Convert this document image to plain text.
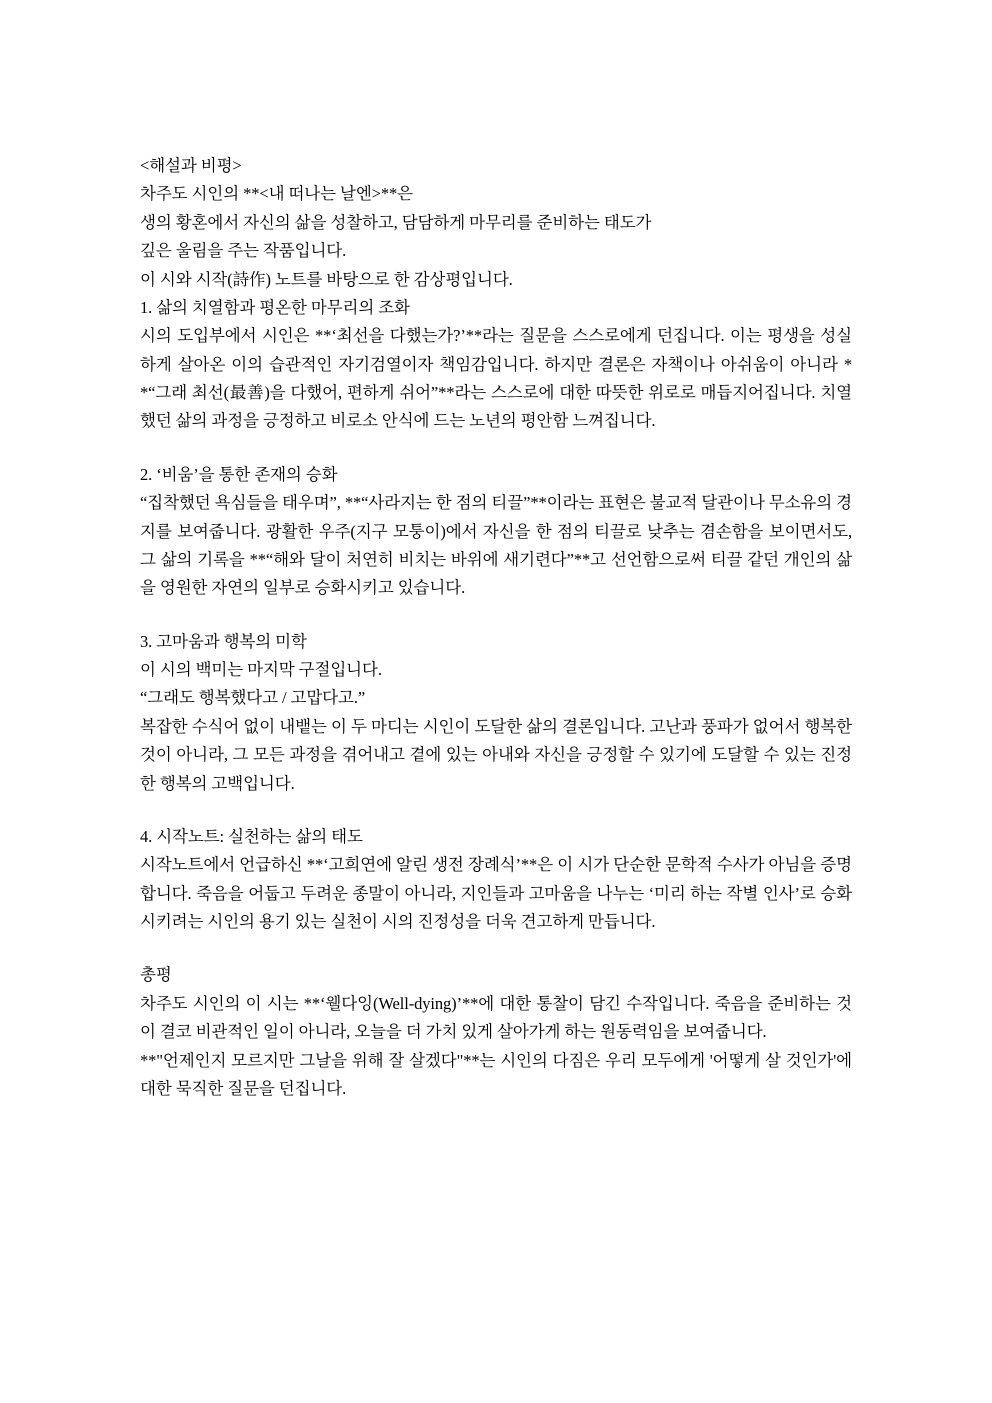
<해설과 비평>

차주도 시인의 **<내 떠나는 날엔>**은

생의 황혼에서 자신의 삶을 성찰하고, 담담하게 마무리를 준비하는 태도가

깊은 울림을 주는 작품입니다.

이 시와 시작(詩作) 노트를 바탕으로 한 감상평입니다.

1. 삶의 치열함과 평온한 마무리의 조화

시의 도입부에서 시인은 **‘최선을 다했는가?’**라는 질문을 스스로에게 던집니다. 이는 평생을 성실하게 살아온 이의 습관적인 자기검열이자 책임감입니다. 하지만 결론은 자책이나 아쉬움이 아니라 **“그래 최선(最善)을 다했어, 편하게 쉬어”**라는 스스로에 대한 따뜻한 위로로 매듭지어집니다. 치열했던 삶의 과정을 긍정하고 비로소 안식에 드는 노년의 평안함 느껴집니다.

2. ‘비움’을 통한 존재의 승화

“집착했던 욕심들을 태우며”, **“사라지는 한 점의 티끌”**이라는 표현은 불교적 달관이나 무소유의 경지를 보여줍니다. 광활한 우주(지구 모퉁이)에서 자신을 한 점의 티끌로 낮추는 겸손함을 보이면서도, 그 삶의 기록을 **“해와 달이 처연히 비치는 바위에 새기련다”**고 선언함으로써 티끌 같던 개인의 삶을 영원한 자연의 일부로 승화시키고 있습니다.

3. 고마움과 행복의 미학

이 시의 백미는 마지막 구절입니다.

“그래도 행복했다고 / 고맙다고.”

복잡한 수식어 없이 내뱉는 이 두 마디는 시인이 도달한 삶의 결론입니다. 고난과 풍파가 없어서 행복한 것이 아니라, 그 모든 과정을 겪어내고 곁에 있는 아내와 자신을 긍정할 수 있기에 도달할 수 있는 진정한 행복의 고백입니다.

4. 시작노트: 실천하는 삶의 태도

시작노트에서 언급하신 **‘고희연에 알린 생전 장례식’**은 이 시가 단순한 문학적 수사가 아님을 증명합니다. 죽음을 어둡고 두려운 종말이 아니라, 지인들과 고마움을 나누는 ‘미리 하는 작별 인사’로 승화시키려는 시인의 용기 있는 실천이 시의 진정성을 더욱 견고하게 만듭니다.

총평

차주도 시인의 이 시는 **‘웰다잉(Well-dying)’**에 대한 통찰이 담긴 수작입니다. 죽음을 준비하는 것이 결코 비관적인 일이 아니라, 오늘을 더 가치 있게 살아가게 하는 원동력임을 보여줍니다.

**"언제인지 모르지만 그날을 위해 잘 살겠다"**는 시인의 다짐은 우리 모두에게 '어떻게 살 것인가'에 대한 묵직한 질문을 던집니다.
